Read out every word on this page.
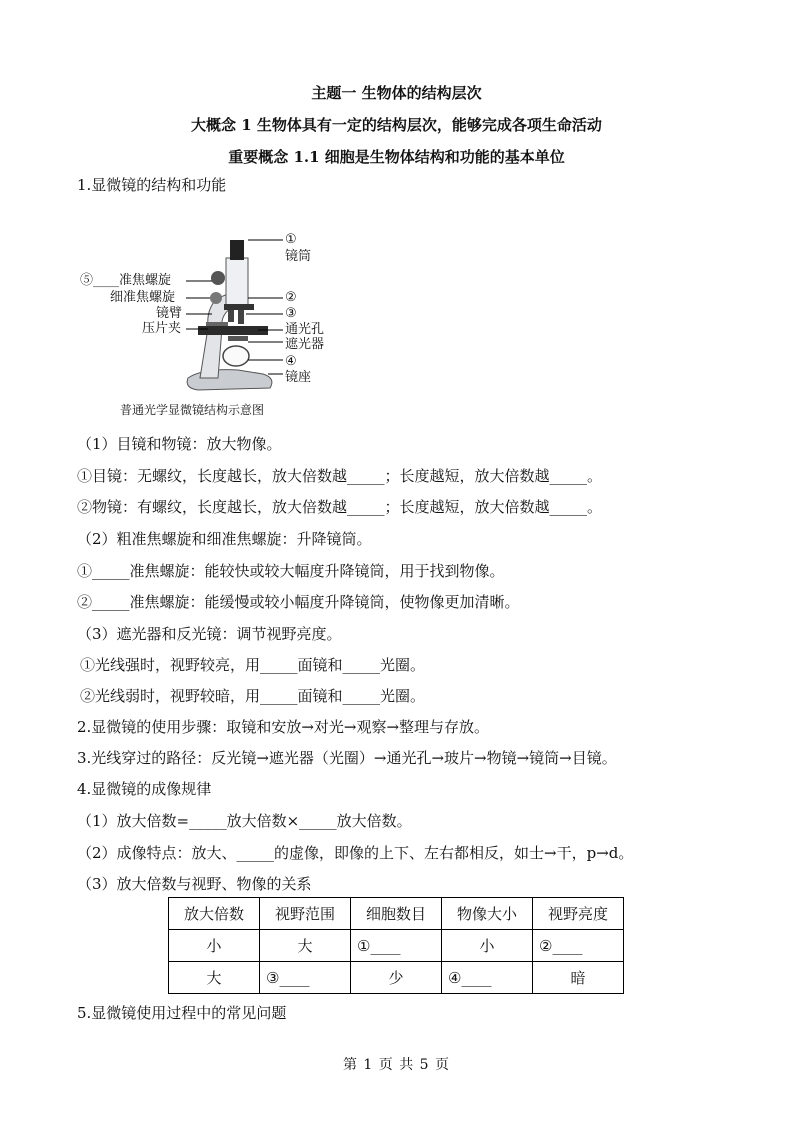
主题一 生物体的结构层次
大概念 1 生物体具有一定的结构层次，能够完成各项生命活动
重要概念 1.1 细胞是生物体结构和功能的基本单位
1.显微镜的结构和功能
①
镜筒
②
③
通光孔
遮光器
④
镜座
⑤____准焦螺旋
细准焦螺旋
镜臂
压片夹
普通光学显微镜结构示意图
（1）目镜和物镜：放大物像。
①目镜：无螺纹，长度越长，放大倍数越_____；长度越短，放大倍数越_____。
②物镜：有螺纹，长度越长，放大倍数越_____；长度越短，放大倍数越_____。
（2）粗准焦螺旋和细准焦螺旋：升降镜筒。
①_____准焦螺旋：能较快或较大幅度升降镜筒，用于找到物像。
②_____准焦螺旋：能缓慢或较小幅度升降镜筒，使物像更加清晰。
（3）遮光器和反光镜：调节视野亮度。
①光线强时，视野较亮，用_____面镜和_____光圈。
②光线弱时，视野较暗，用_____面镜和_____光圈。
2.显微镜的使用步骤：取镜和安放→对光→观察→整理与存放。
3.光线穿过的路径：反光镜→遮光器（光圈）→通光孔→玻片→物镜→镜筒→目镜。
4.显微镜的成像规律
（1）放大倍数=_____放大倍数×_____放大倍数。
（2）成像特点：放大、_____的虚像，即像的上下、左右都相反，如士→干，p→d。
（3）放大倍数与视野、物像的关系
放大倍数	视野范围	细胞数目	物像大小	视野亮度
小	大	①____	小	②____
大	③____	少	④____	暗
5.显微镜使用过程中的常见问题
第 1 页 共 5 页
